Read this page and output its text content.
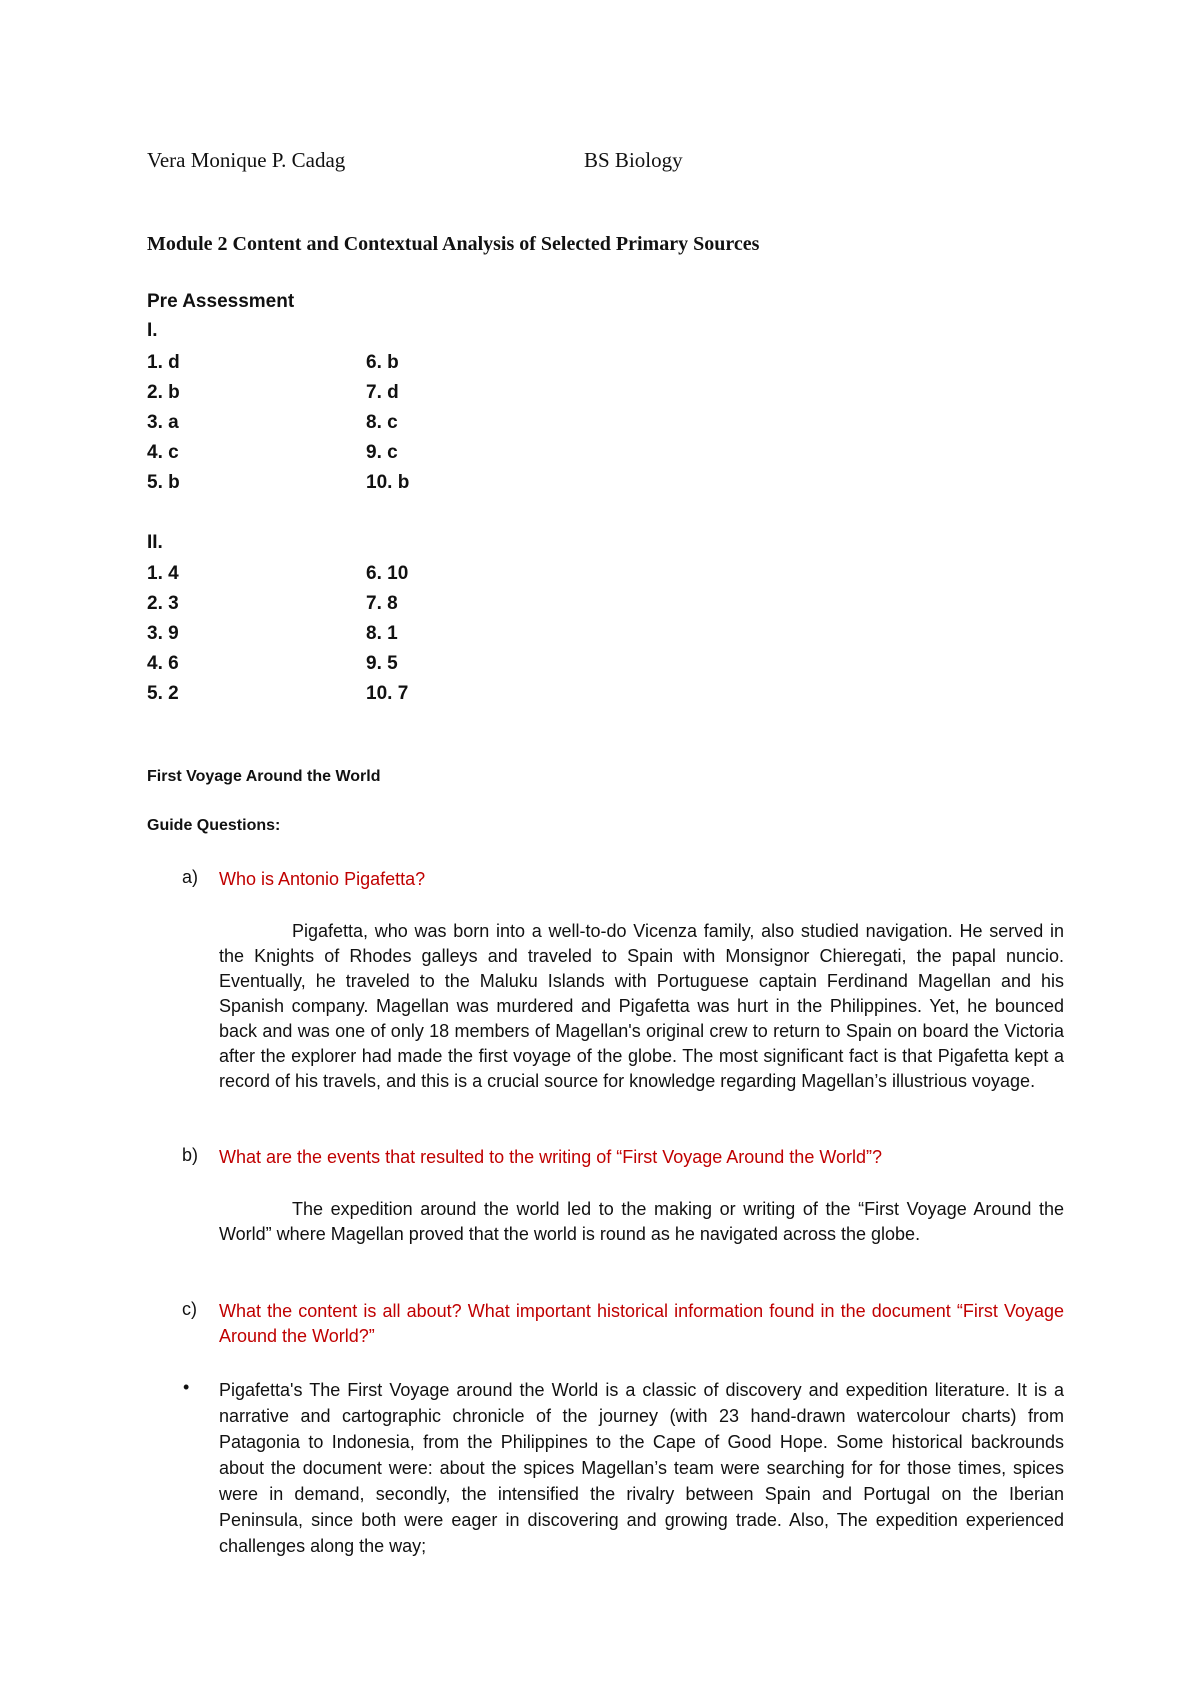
Vera Monique P. Cadag	BS Biology
Module 2 Content and Contextual Analysis of Selected Primary Sources
Pre Assessment
I.
1. d
2. b
3. a
4. c
5. b
6. b
7. d
8. c
9. c
10. b
II.
1. 4
2. 3
3. 9
4. 6
5. 2
6. 10
7. 8
8. 1
9. 5
10. 7
First Voyage Around the World
Guide Questions:
a) Who is Antonio Pigafetta?
Pigafetta, who was born into a well-to-do Vicenza family, also studied navigation. He served in the Knights of Rhodes galleys and traveled to Spain with Monsignor Chieregati, the papal nuncio. Eventually, he traveled to the Maluku Islands with Portuguese captain Ferdinand Magellan and his Spanish company. Magellan was murdered and Pigafetta was hurt in the Philippines. Yet, he bounced back and was one of only 18 members of Magellan's original crew to return to Spain on board the Victoria after the explorer had made the first voyage of the globe. The most significant fact is that Pigafetta kept a record of his travels, and this is a crucial source for knowledge regarding Magellan’s illustrious voyage.
b) What are the events that resulted to the writing of “First Voyage Around the World”?
The expedition around the world led to the making or writing of the “First Voyage Around the World” where Magellan proved that the world is round as he navigated across the globe.
c) What the content is all about? What important historical information found in the document “First Voyage Around the World?”
• Pigafetta's The First Voyage around the World is a classic of discovery and expedition literature. It is a narrative and cartographic chronicle of the journey (with 23 hand-drawn watercolour charts) from Patagonia to Indonesia, from the Philippines to the Cape of Good Hope. Some historical backrounds about the document were: about the spices Magellan’s team were searching for for those times, spices were in demand, secondly, the intensified the rivalry between Spain and Portugal on the Iberian Peninsula, since both were eager in discovering and growing trade. Also, The expedition experienced challenges along the way;
